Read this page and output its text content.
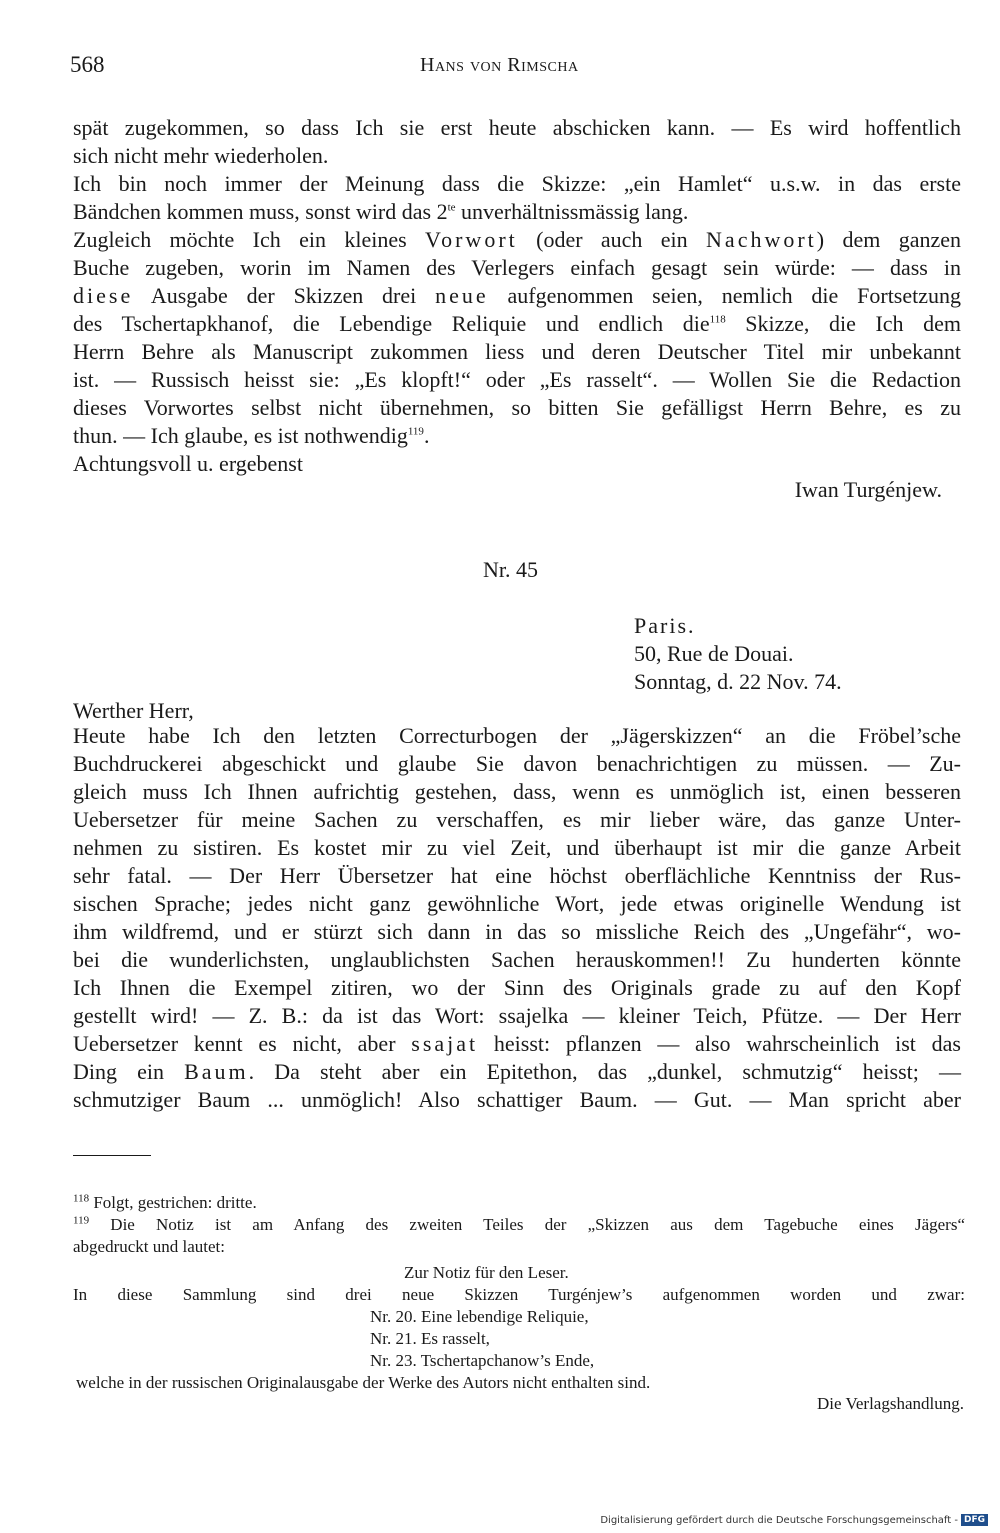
568	Hans von Rimscha
spät zugekommen, so dass Ich sie erst heute abschicken kann. — Es wird hoffentlich
sich nicht mehr wiederholen.
Ich bin noch immer der Meinung dass die Skizze: „ein Hamlet“ u.s.w. in das erste
Bändchen kommen muss, sonst wird das $2^{te}$ unverhältnissmässig lang.
Zugleich möchte Ich ein kleines Vorwort (oder auch ein Nachwort) dem ganzen
Buche zugeben, worin im Namen des Verlegers einfach gesagt sein würde: — dass in
diese Ausgabe der Skizzen drei neue aufgenommen seien, nemlich die Fortsetzung
des Tschertapkhanof, die Lebendige Reliquie und endlich die$^{118}$ Skizze, die Ich dem
Herrn Behre als Manuscript zukommen liess und deren Deutscher Titel mir unbekannt
ist. — Russisch heisst sie: „Es klopft!“ oder „Es rasselt“. — Wollen Sie die Redaction
dieses Vorwortes selbst nicht übernehmen, so bitten Sie gefälligst Herrn Behre, es zu
thun. — Ich glaube, es ist nothwendig$^{119}$.
Achtungsvoll u. ergebenst
Iwan Turgénjew.
Nr. 45
Paris.
50, Rue de Douai.
Sonntag, d. 22 Nov. 74.
Werther Herr,
Heute habe Ich den letzten Correcturbogen der „Jägerskizzen“ an die Fröbel’sche
Buchdruckerei abgeschickt und glaube Sie davon benachrichtigen zu müssen. — Zu-
gleich muss Ich Ihnen aufrichtig gestehen, dass, wenn es unmöglich ist, einen besseren
Uebersetzer für meine Sachen zu verschaffen, es mir lieber wäre, das ganze Unter-
nehmen zu sistiren. Es kostet mir zu viel Zeit, und überhaupt ist mir die ganze Arbeit
sehr fatal. — Der Herr Übersetzer hat eine höchst oberflächliche Kenntniss der Rus-
sischen Sprache; jedes nicht ganz gewöhnliche Wort, jede etwas originelle Wendung ist
ihm wildfremd, und er stürzt sich dann in das so missliche Reich des „Ungefähr“, wo-
bei die wunderlichsten, unglaublichsten Sachen herauskommen!! Zu hunderten könnte
Ich Ihnen die Exempel zitiren, wo der Sinn des Originals grade zu auf den Kopf
gestellt wird! — Z. B.: da ist das Wort: ssajelka — kleiner Teich, Pfütze. — Der Herr
Uebersetzer kennt es nicht, aber ssajat heisst: pflanzen — also wahrscheinlich ist das
Ding ein Baum. Da steht aber ein Epitethon, das „dunkel, schmutzig“ heisst; —
schmutziger Baum ... unmöglich! Also schattiger Baum. — Gut. — Man spricht aber
$^{118}$ Folgt, gestrichen: dritte.
$^{119}$ Die Notiz ist am Anfang des zweiten Teiles der „Skizzen aus dem Tagebuche eines Jägers“
abgedruckt und lautet:
Zur Notiz für den Leser.
In diese Sammlung sind drei neue Skizzen Turgénjew’s aufgenommen worden und zwar:
Nr. 20. Eine lebendige Reliquie,
Nr. 21. Es rasselt,
Nr. 23. Tschertapchanow’s Ende,
welche in der russischen Originalausgabe der Werke des Autors nicht enthalten sind.
Die Verlagshandlung.
Digitalisierung gefördert durch die Deutsche Forschungsgemeinschaft - DFG
